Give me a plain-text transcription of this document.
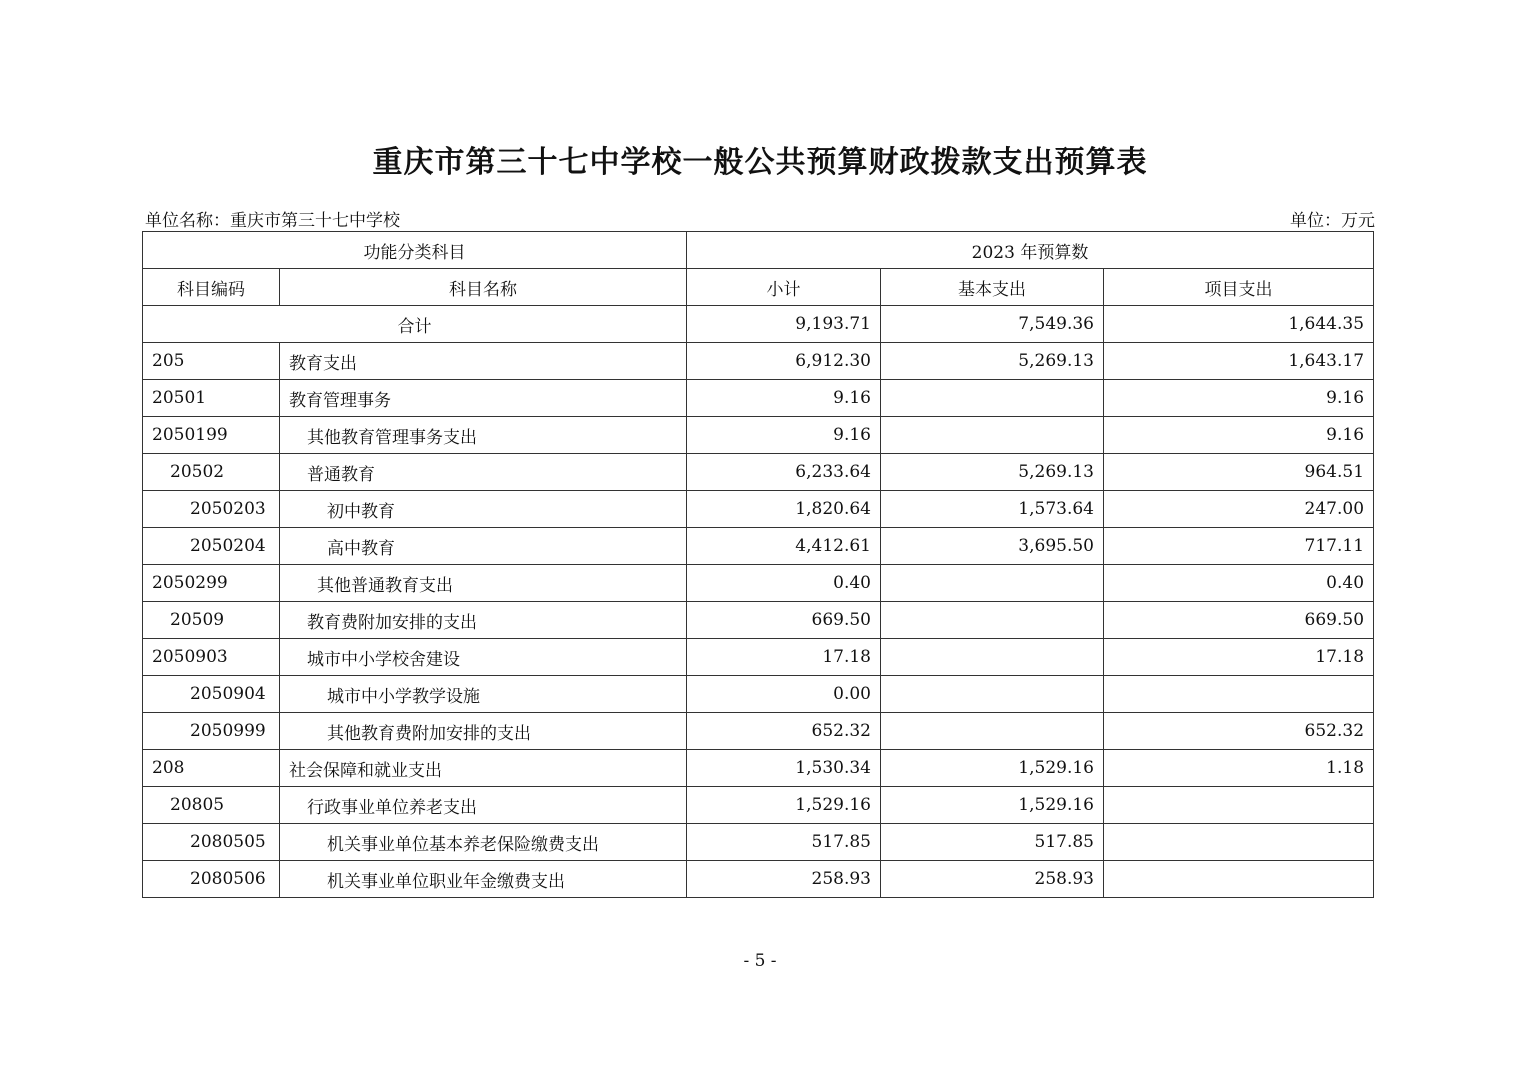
重庆市第三十七中学校一般公共预算财政拨款支出预算表
单位名称：重庆市第三十七中学校	单位：万元
功能分类科目		2023 年预算数		
科目编码	科目名称	小计	基本支出	项目支出
合计		9,193.71	7,549.36	1,644.35
205	教育支出	6,912.30	5,269.13	1,643.17
20501	教育管理事务	9.16		9.16
2050199	其他教育管理事务支出	9.16		9.16
20502	普通教育	6,233.64	5,269.13	964.51
2050203	初中教育	1,820.64	1,573.64	247.00
2050204	高中教育	4,412.61	3,695.50	717.11
2050299	其他普通教育支出	0.40		0.40
20509	教育费附加安排的支出	669.50		669.50
2050903	城市中小学校舍建设	17.18		17.18
2050904	城市中小学教学设施	0.00		
2050999	其他教育费附加安排的支出	652.32		652.32
208	社会保障和就业支出	1,530.34	1,529.16	1.18
20805	行政事业单位养老支出	1,529.16	1,529.16	
2080505	机关事业单位基本养老保险缴费支出	517.85	517.85	
2080506	机关事业单位职业年金缴费支出	258.93	258.93	
- 5 -
